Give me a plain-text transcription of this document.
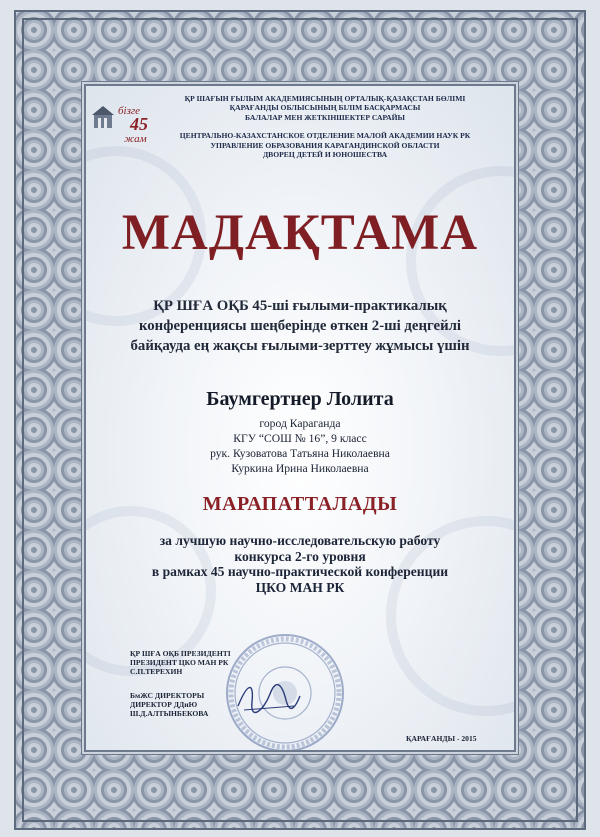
бізге
45
жам
ҚР ШАҒЫН ҒЫЛЫМ АКАДЕМИЯСЫНЫҢ ОРТАЛЫҚ-ҚАЗАҚСТАН БӨЛІМІ
ҚАРАҒАНДЫ ОБЛЫСЫНЫҢ БІЛІМ БАСҚАРМАСЫ
БАЛАЛАР МЕН ЖЕТКІНШЕКТЕР САРАЙЫ
ЦЕНТРАЛЬНО-КАЗАХСТАНСКОЕ ОТДЕЛЕНИЕ МАЛОЙ АКАДЕМИИ НАУК РК
УПРАВЛЕНИЕ ОБРАЗОВАНИЯ КАРАГАНДИНСКОЙ ОБЛАСТИ
ДВОРЕЦ ДЕТЕЙ И ЮНОШЕСТВА
МАДАҚТАМА
ҚР ШҒА ОҚБ 45-ші ғылыми-практикалық
конференциясы шеңберінде өткен 2-ші деңгейлі
байқауда ең жақсы ғылыми-зерттеу жұмысы үшін
Баумгертнер Лолита
город Караганда
КГУ “СОШ № 16”, 9 класс
рук. Кузоватова Татьяна Николаевна
Куркина Ирина Николаевна
МАРАПАТТАЛАДЫ
за лучшую научно-исследовательскую работу
конкурса 2-го уровня
в рамках 45 научно-практической конференции
ЦКО МАН РК
ҚР ШҒА ОҚБ ПРЕЗИДЕНТІ
ПРЕЗИДЕНТ ЦКО МАН РК
С.П.ТЕРЕХИН
БмЖС ДИРЕКТОРЫ
ДИРЕКТОР ДДиЮ
Ш.Д.АЛТЫНБЕКОВА
ҚАРАҒАНДЫ - 2015
